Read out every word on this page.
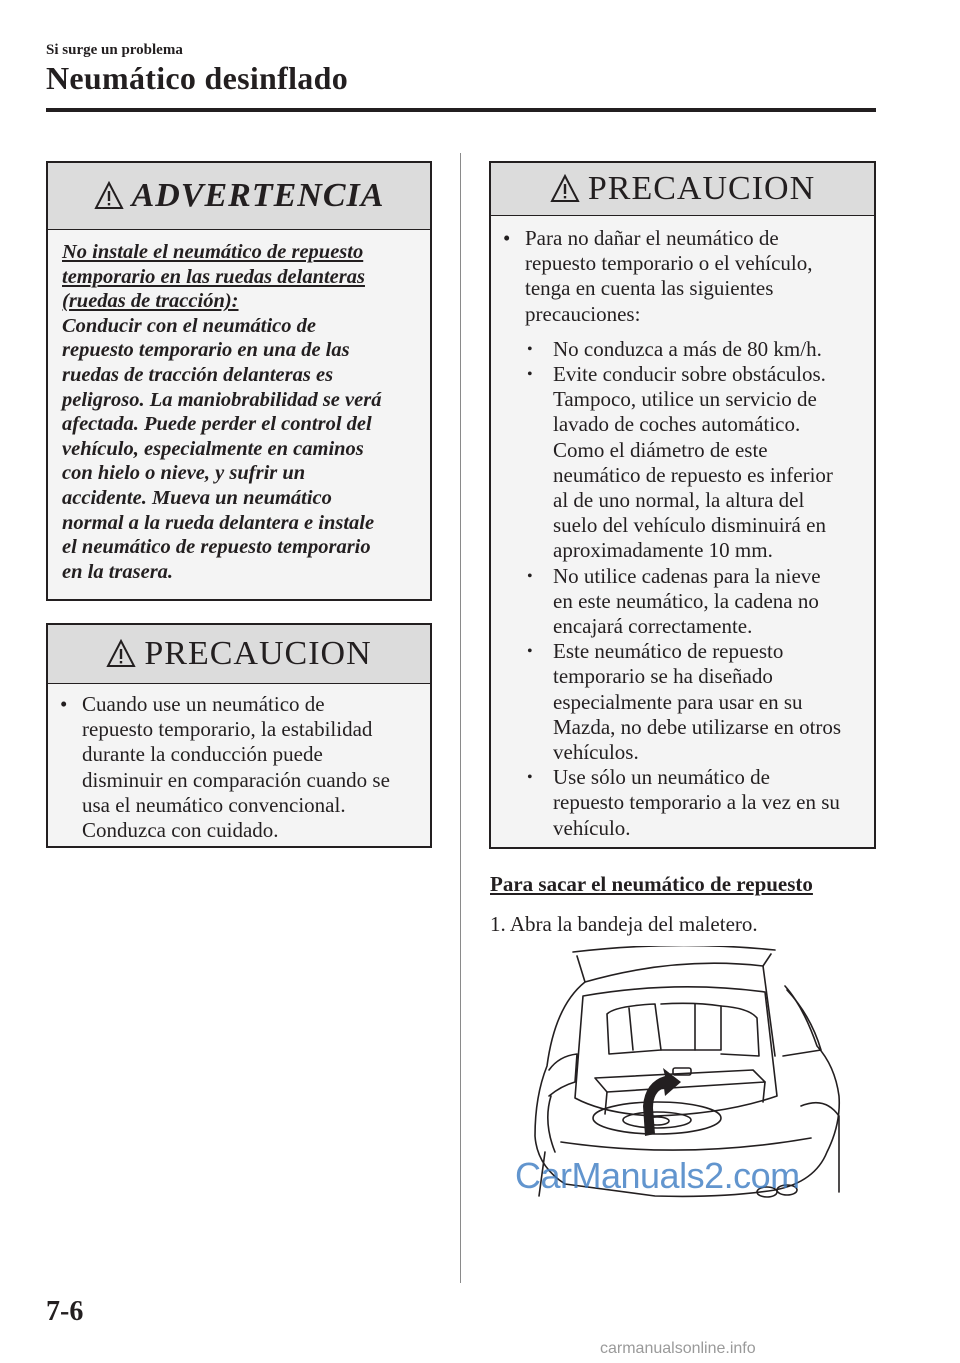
Si surge un problema
Neumático desinflado
ADVERTENCIA
No instale el neumático de repuesto
temporario en las ruedas delanteras
(ruedas de tracción):
Conducir con el neumático de
repuesto temporario en una de las
ruedas de tracción delanteras es
peligroso. La maniobrabilidad se verá
afectada. Puede perder el control del
vehículo, especialmente en caminos
con hielo o nieve, y sufrir un
accidente. Mueva un neumático
normal a la rueda delantera e instale
el neumático de repuesto temporario
en la trasera.
PRECAUCION
• Cuando use un neumático de
repuesto temporario, la estabilidad
durante la conducción puede
disminuir en comparación cuando se
usa el neumático convencional.
Conduzca con cuidado.
PRECAUCION
• Para no dañar el neumático de
repuesto temporario o el vehículo,
tenga en cuenta las siguientes
precauciones:
• No conduzca a más de 80 km/h.
• Evite conducir sobre obstáculos.
Tampoco, utilice un servicio de
lavado de coches automático.
Como el diámetro de este
neumático de repuesto es inferior
al de uno normal, la altura del
suelo del vehículo disminuirá en
aproximadamente 10 mm.
• No utilice cadenas para la nieve
en este neumático, la cadena no
encajará correctamente.
• Este neumático de repuesto
temporario se ha diseñado
especialmente para usar en su
Mazda, no debe utilizarse en otros
vehículos.
• Use sólo un neumático de
repuesto temporario a la vez en su
vehículo.
Para sacar el neumático de repuesto
1. Abra la bandeja del maletero.
CarManuals2.com
7-6
carmanualsonline.info
